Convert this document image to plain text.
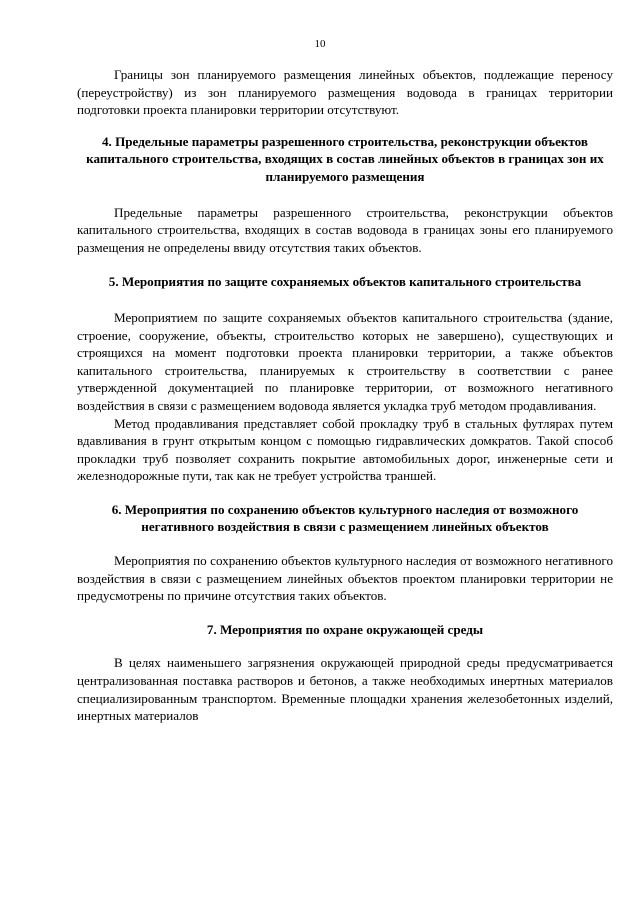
10

Границы зон планируемого размещения линейных объектов, подлежащие переносу (переустройству) из зон планируемого размещения водовода в границах территории подготовки проекта планировки территории отсутствуют.

4. Предельные параметры разрешенного строительства, реконструкции объектов капитального строительства, входящих в состав линейных объектов в границах зон их планируемого размещения

Предельные параметры разрешенного строительства, реконструкции объектов капитального строительства, входящих в состав водовода в границах зоны его планируемого размещения не определены ввиду отсутствия таких объектов.

5. Мероприятия по защите сохраняемых объектов капитального строительства

Мероприятием по защите сохраняемых объектов капитального строительства (здание, строение, сооружение, объекты, строительство которых не завершено), существующих и строящихся на момент подготовки проекта планировки территории, а также объектов капитального строительства, планируемых к строительству в соответствии с ранее утвержденной документацией по планировке территории, от возможного негативного воздействия в связи с размещением водовода является укладка труб методом продавливания.

Метод продавливания представляет собой прокладку труб в стальных футлярах путем вдавливания в грунт открытым концом с помощью гидравлических домкратов. Такой способ прокладки труб позволяет сохранить покрытие автомобильных дорог, инженерные сети и железнодорожные пути, так как не требует устройства траншей.

6. Мероприятия по сохранению объектов культурного наследия от возможного негативного воздействия в связи с размещением линейных объектов

Мероприятия по сохранению объектов культурного наследия от возможного негативного воздействия в связи с размещением линейных объектов проектом планировки территории не предусмотрены по причине отсутствия таких объектов.

7. Мероприятия по охране окружающей среды

В целях наименьшего загрязнения окружающей природной среды предусматривается централизованная поставка растворов и бетонов, а также необходимых инертных материалов специализированным транспортом. Временные площадки хранения железобетонных изделий, инертных материалов
